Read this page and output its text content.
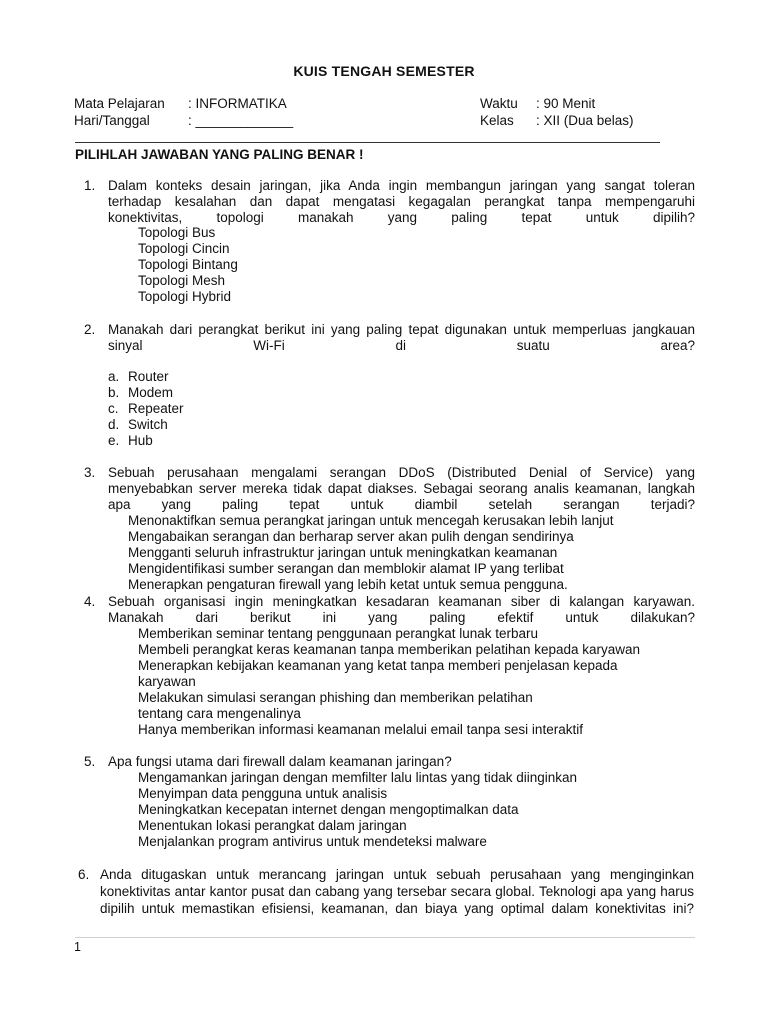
KUIS TENGAH SEMESTER
Mata Pelajaran : INFORMATIKA
Hari/Tanggal	: _____________
Waktu : 90 Menit
Kelas : XII (Dua belas)
PILIHLAH JAWABAN YANG PALING BENAR !
1. Dalam konteks desain jaringan, jika Anda ingin membangun jaringan yang sangat toleran terhadap kesalahan dan dapat mengatasi kegagalan perangkat tanpa mempengaruhi konektivitas, topologi manakah yang paling tepat untuk dipilih?
Topologi Bus
Topologi Cincin
Topologi Bintang
Topologi Mesh
Topologi Hybrid
2. Manakah dari perangkat berikut ini yang paling tepat digunakan untuk memperluas jangkauan sinyal Wi-Fi di suatu area?
a. Router
b. Modem
c. Repeater
d. Switch
e. Hub
3. Sebuah perusahaan mengalami serangan DDoS (Distributed Denial of Service) yang menyebabkan server mereka tidak dapat diakses. Sebagai seorang analis keamanan, langkah apa yang paling tepat untuk diambil setelah serangan terjadi?
Menonaktifkan semua perangkat jaringan untuk mencegah kerusakan lebih lanjut
Mengabaikan serangan dan berharap server akan pulih dengan sendirinya
Mengganti seluruh infrastruktur jaringan untuk meningkatkan keamanan
Mengidentifikasi sumber serangan dan memblokir alamat IP yang terlibat
Menerapkan pengaturan firewall yang lebih ketat untuk semua pengguna.
4. Sebuah organisasi ingin meningkatkan kesadaran keamanan siber di kalangan karyawan. Manakah dari berikut ini yang paling efektif untuk dilakukan?
Memberikan seminar tentang penggunaan perangkat lunak terbaru
Membeli perangkat keras keamanan tanpa memberikan pelatihan kepada karyawan
Menerapkan kebijakan keamanan yang ketat tanpa memberi penjelasan kepada karyawan
Melakukan simulasi serangan phishing dan memberikan pelatihan tentang cara mengenalinya
Hanya memberikan informasi keamanan melalui email tanpa sesi interaktif
5. Apa fungsi utama dari firewall dalam keamanan jaringan?
Mengamankan jaringan dengan memfilter lalu lintas yang tidak diinginkan
Menyimpan data pengguna untuk analisis
Meningkatkan kecepatan internet dengan mengoptimalkan data
Menentukan lokasi perangkat dalam jaringan
Menjalankan program antivirus untuk mendeteksi malware
6. Anda ditugaskan untuk merancang jaringan untuk sebuah perusahaan yang menginginkan konektivitas antar kantor pusat dan cabang yang tersebar secara global. Teknologi apa yang harus dipilih untuk memastikan efisiensi, keamanan, dan biaya yang optimal dalam konektivitas ini?
1
